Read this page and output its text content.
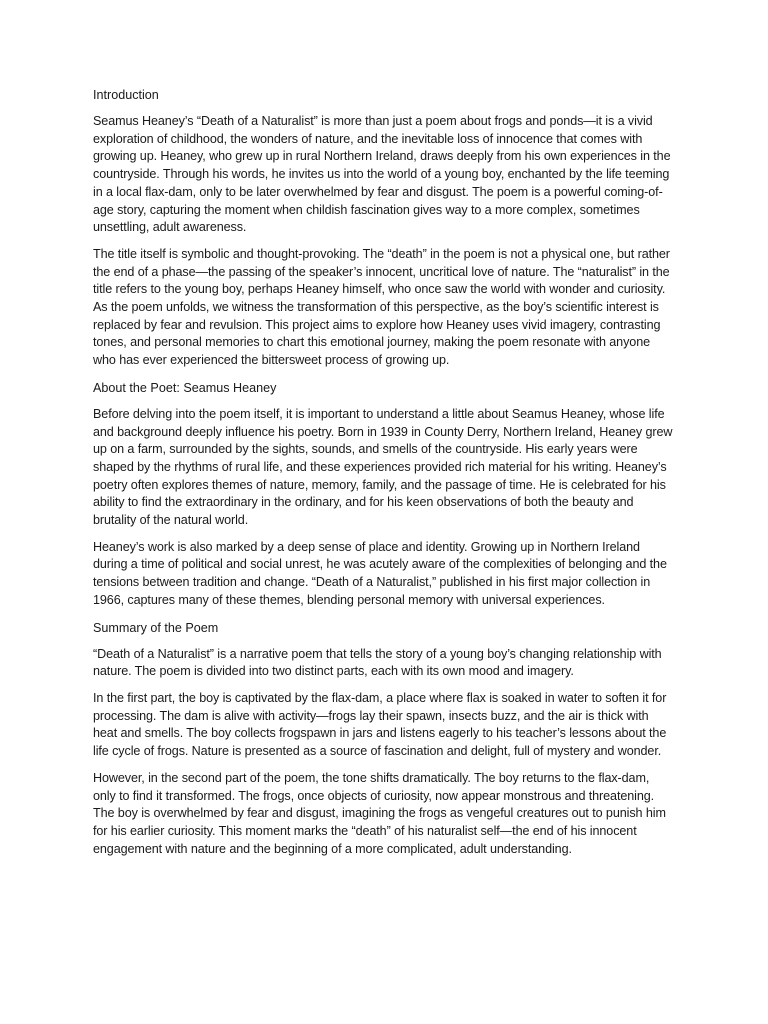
Introduction

Seamus Heaney’s “Death of a Naturalist” is more than just a poem about frogs and ponds—it is a vivid exploration of childhood, the wonders of nature, and the inevitable loss of innocence that comes with growing up. Heaney, who grew up in rural Northern Ireland, draws deeply from his own experiences in the countryside. Through his words, he invites us into the world of a young boy, enchanted by the life teeming in a local flax-dam, only to be later overwhelmed by fear and disgust. The poem is a powerful coming-of-age story, capturing the moment when childish fascination gives way to a more complex, sometimes unsettling, adult awareness.

The title itself is symbolic and thought-provoking. The “death” in the poem is not a physical one, but rather the end of a phase—the passing of the speaker’s innocent, uncritical love of nature. The “naturalist” in the title refers to the young boy, perhaps Heaney himself, who once saw the world with wonder and curiosity. As the poem unfolds, we witness the transformation of this perspective, as the boy’s scientific interest is replaced by fear and revulsion. This project aims to explore how Heaney uses vivid imagery, contrasting tones, and personal memories to chart this emotional journey, making the poem resonate with anyone who has ever experienced the bittersweet process of growing up.

About the Poet: Seamus Heaney

Before delving into the poem itself, it is important to understand a little about Seamus Heaney, whose life and background deeply influence his poetry. Born in 1939 in County Derry, Northern Ireland, Heaney grew up on a farm, surrounded by the sights, sounds, and smells of the countryside. His early years were shaped by the rhythms of rural life, and these experiences provided rich material for his writing. Heaney’s poetry often explores themes of nature, memory, family, and the passage of time. He is celebrated for his ability to find the extraordinary in the ordinary, and for his keen observations of both the beauty and brutality of the natural world.

Heaney’s work is also marked by a deep sense of place and identity. Growing up in Northern Ireland during a time of political and social unrest, he was acutely aware of the complexities of belonging and the tensions between tradition and change. “Death of a Naturalist,” published in his first major collection in 1966, captures many of these themes, blending personal memory with universal experiences.

Summary of the Poem

“Death of a Naturalist” is a narrative poem that tells the story of a young boy’s changing relationship with nature. The poem is divided into two distinct parts, each with its own mood and imagery.

In the first part, the boy is captivated by the flax-dam, a place where flax is soaked in water to soften it for processing. The dam is alive with activity—frogs lay their spawn, insects buzz, and the air is thick with heat and smells. The boy collects frogspawn in jars and listens eagerly to his teacher’s lessons about the life cycle of frogs. Nature is presented as a source of fascination and delight, full of mystery and wonder.

However, in the second part of the poem, the tone shifts dramatically. The boy returns to the flax-dam, only to find it transformed. The frogs, once objects of curiosity, now appear monstrous and threatening. The boy is overwhelmed by fear and disgust, imagining the frogs as vengeful creatures out to punish him for his earlier curiosity. This moment marks the “death” of his naturalist self—the end of his innocent engagement with nature and the beginning of a more complicated, adult understanding.
